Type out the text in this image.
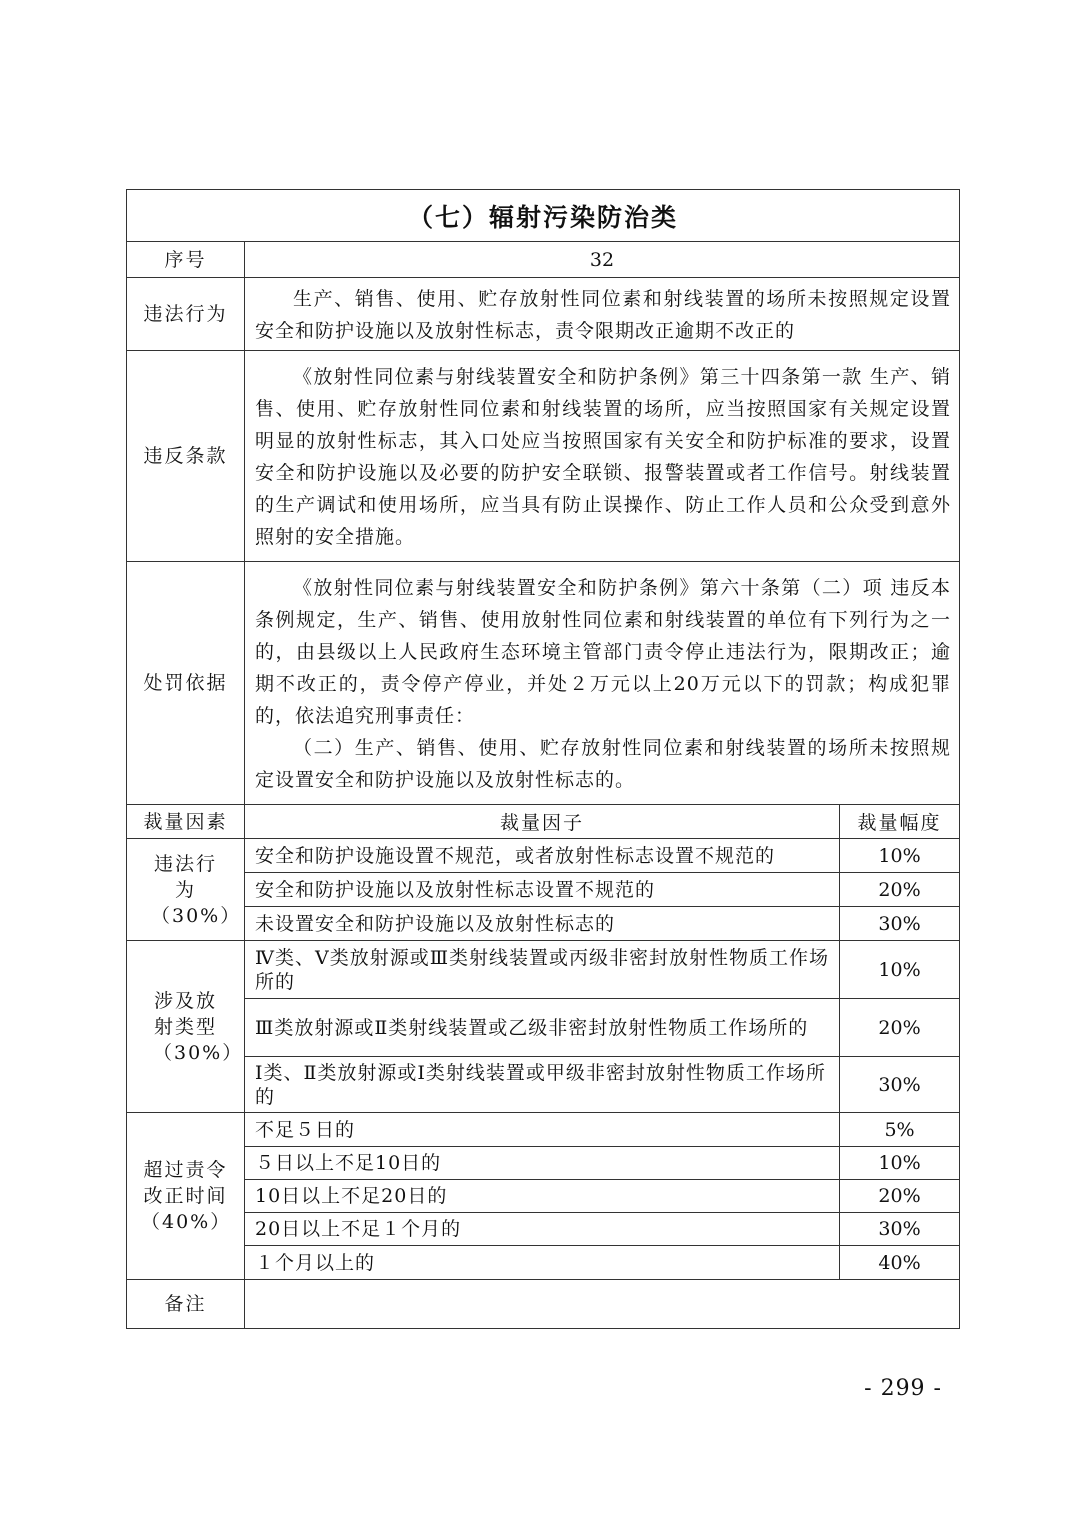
（七）辐射污染防治类		
序号	32	
违法行为	生产、销售、使用、贮存放射性同位素和射线装置的场所未按照规定设置安全和防护设施以及放射性标志，责令限期改正逾期不改正的	

违反条款	《放射性同位素与射线装置安全和防护条例》第三十四条第一款 生产、销售、使用、贮存放射性同位素和射线装置的场所，应当按照国家有关规定设置明显的放射性标志，其入口处应当按照国家有关安全和防护标准的要求，设置安全和防护设施以及必要的防护安全联锁、报警装置或者工作信号。射线装置的生产调试和使用场所，应当具有防止误操作、防止工作人员和公众受到意外照射的安全措施。	

处罚依据	《放射性同位素与射线装置安全和防护条例》第六十条第（二）项 违反本条例规定，生产、销售、使用放射性同位素和射线装置的单位有下列行为之一的，由县级以上人民政府生态环境主管部门责令停止违法行为，限期改正；逾期不改正的，责令停产停业，并处２万元以上20万元以下的罚款；构成犯罪的，依法追究刑事责任：

（二）生产、销售、使用、贮存放射性同位素和射线装置的场所未按照规定设置安全和防护设施以及放射性标志的。	

裁量因素	裁量因子	裁量幅度
违法行为（30%）	安全和防护设施设置不规范，或者放射性标志设置不规范的	10%
	安全和防护设施以及放射性标志设置不规范的	20%
	未设置安全和防护设施以及放射性标志的	30%
涉及放射类型（30%）	Ⅳ类、Ⅴ类放射源或Ⅲ类射线装置或丙级非密封放射性物质工作场所的	10%
	Ⅲ类放射源或Ⅱ类射线装置或乙级非密封放射性物质工作场所的	20%
	Ⅰ类、Ⅱ类放射源或Ⅰ类射线装置或甲级非密封放射性物质工作场所的	30%
超过责令改正时间（40%）	不足５日的	5%
	５日以上不足10日的	10%
	10日以上不足20日的	20%
	20日以上不足１个月的	30%
	１个月以上的	40%
备注		
- 299 -
